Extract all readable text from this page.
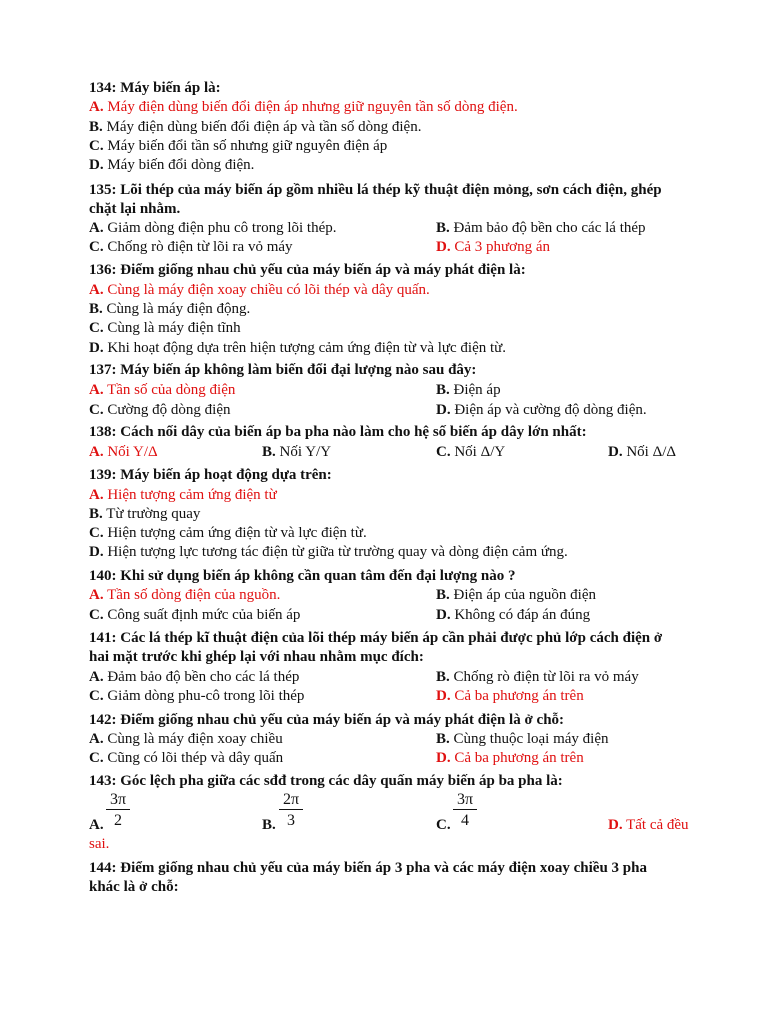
134: Máy biến áp là:
A. Máy điện dùng biến đổi điện áp nhưng giữ nguyên tần số dòng điện.
B. Máy điện dùng biến đổi điện áp và tần số dòng điện.
C. Máy biến đổi tần số nhưng giữ nguyên điện áp
D. Máy biến đổi dòng điện.
135: Lõi thép của máy biến áp gồm nhiều lá thép kỹ thuật điện mỏng, sơn cách điện, ghép
chặt lại nhằm.
A. Giảm dòng điện phu cô trong lõi thép.	B. Đảm bảo độ bền cho các lá thép
C. Chống rò điện từ lõi ra vỏ máy	D. Cả 3 phương án
136: Điểm giống nhau chủ yếu của máy biến áp và máy phát điện là:
A. Cùng là máy điện xoay chiều có lõi thép và dây quấn.
B. Cùng là máy điện động.
C. Cùng là máy điện tĩnh
D. Khi hoạt động dựa trên hiện tượng cảm ứng điện từ và lực điện từ.
137: Máy biến áp không làm biến đổi đại lượng nào sau đây:
A. Tần số của dòng điện	B. Điện áp
C. Cường độ dòng điện	D. Điện áp và cường độ dòng điện.
138: Cách nối dây của biến áp ba pha nào làm cho hệ số biến áp dây lớn nhất:
A. Nối Y/Δ	B. Nối Y/Y	C. Nối Δ/Y	D. Nối Δ/Δ
139: Máy biến áp hoạt động dựa trên:
A. Hiện tượng cảm ứng điện từ
B. Từ trường quay
C. Hiện tượng cảm ứng điện từ và lực điện từ.
D. Hiện tượng lực tương tác điện từ giữa từ trường quay và dòng điện cảm ứng.
140: Khi sử dụng biến áp không cần quan tâm đến đại lượng nào ?
A. Tần số dòng điện của nguồn.	B. Điện áp của nguồn điện
C. Công suất định mức của biến áp	D. Không có đáp án đúng
141: Các lá thép kĩ thuật điện của lõi thép máy biến áp cần phải được phủ lớp cách điện ở
hai mặt trước khi ghép lại với nhau nhằm mục đích:
A. Đảm bảo độ bền cho các lá thép	B. Chống rò điện từ lõi ra vỏ máy
C. Giảm dòng phu-cô trong lõi thép	D. Cả ba phương án trên
142: Điểm giống nhau chủ yếu của máy biến áp và máy phát điện là ở chỗ:
A. Cùng là máy điện xoay chiều	B. Cùng thuộc loại máy điện
C. Cũng có lõi thép và dây quấn	D. Cả ba phương án trên
143: Góc lệch pha giữa các sđđ trong các dây quấn máy biến áp ba pha là:
A. $\frac{3\pi}{2}$	B. $\frac{2\pi}{3}$	C. $\frac{3\pi}{4}$	D. Tất cả đều
sai.
144: Điểm giống nhau chủ yếu của máy biến áp 3 pha và các máy điện xoay chiều 3 pha
khác là ở chỗ:
